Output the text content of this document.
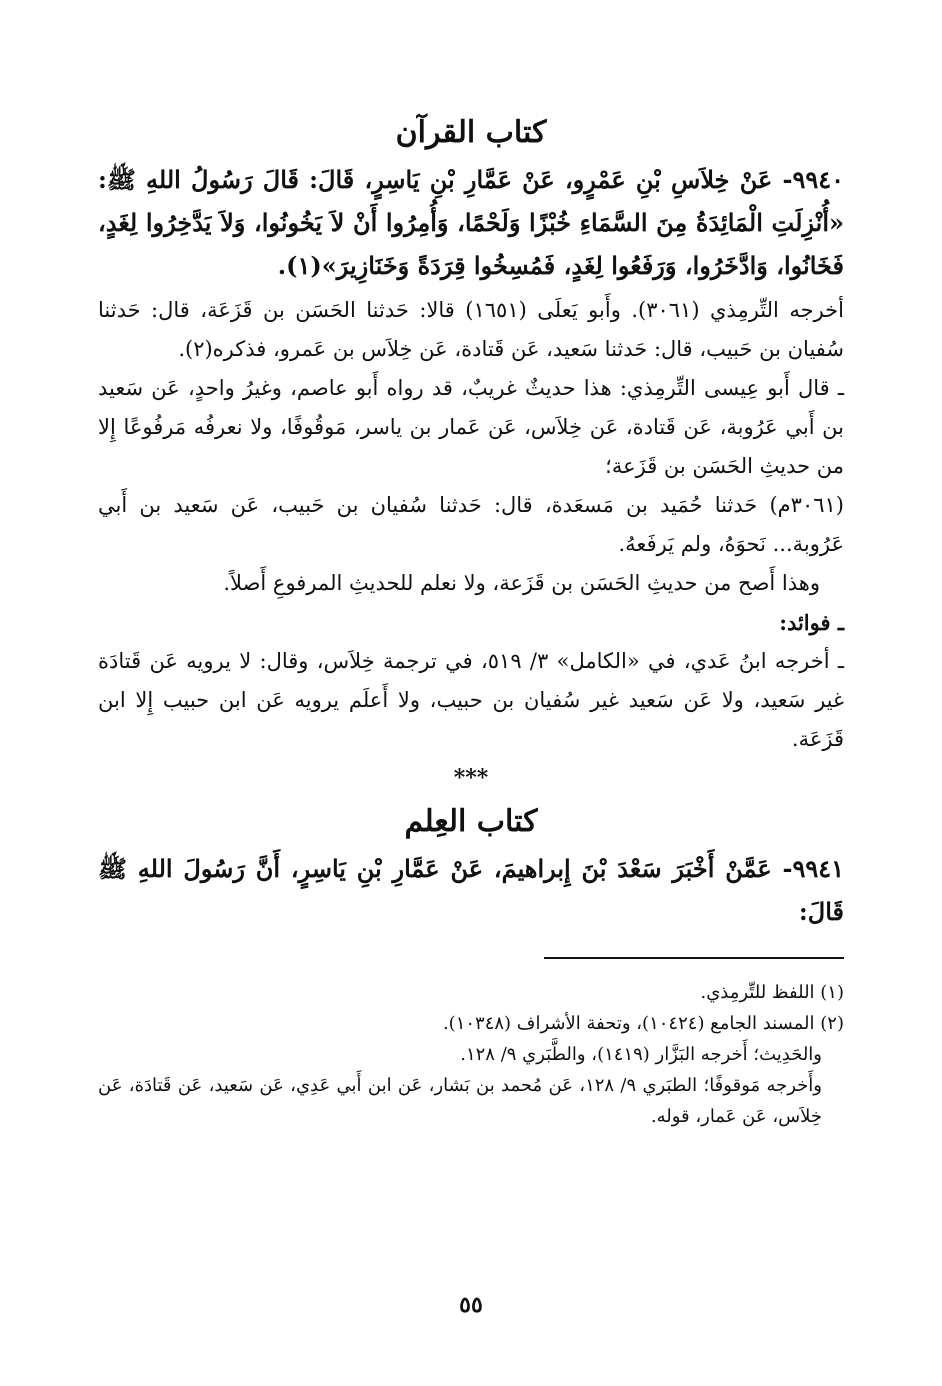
كتاب القرآن

٩٩٤٠- عَنْ خِلاَسِ بْنِ عَمْرٍو، عَنْ عَمَّارِ بْنِ يَاسِرٍ، قَالَ: قَالَ رَسُولُ اللهِ ﷺ: «أُنْزِلَتِ الْمَائِدَةُ مِنَ السَّمَاءِ خُبْزًا وَلَحْمًا، وَأُمِرُوا أَنْ لاَ يَخُونُوا، وَلاَ يَدَّخِرُوا لِغَدٍ، فَخَانُوا، وَادَّخَرُوا، وَرَفَعُوا لِغَدٍ، فَمُسِخُوا قِرَدَةً وَخَنَازِيرَ»(١).

أخرجه التِّرمِذي (٣٠٦١). وأَبو يَعلَى (١٦٥١) قالا: حَدثنا الحَسَن بن قَزَعَة، قال: حَدثنا سُفيان بن حَبيب، قال: حَدثنا سَعيد، عَن قَتادة، عَن خِلاَس بن عَمرو، فذكره(٢).

ـ قال أَبو عِيسى التِّرمِذي: هذا حديثٌ غريبٌ، قد رواه أَبو عاصم، وغيرُ واحدٍ، عَن سَعيد بن أَبي عَرُوبة، عَن قَتادة، عَن خِلاَس، عَن عَمار بن ياسر، مَوقُوفًا، ولا نعرفُه مَرفُوعًا إِلا من حديثِ الحَسَن بن قَزَعة؛

(٣٠٦١م) حَدثنا حُمَيد بن مَسعَدة، قال: حَدثنا سُفيان بن حَبيب، عَن سَعيد بن أَبي عَرُوبة... نَحوَهُ، ولم يَرفَعهُ.

وهذا أَصح من حديثِ الحَسَن بن قَزَعة، ولا نعلم للحديثِ المرفوعِ أَصلاً.

ـ فوائد:

ـ أخرجه ابنُ عَدي، في «الكامل» ٣/ ٥١٩، في ترجمة خِلاَس، وقال: لا يرويه عَن قَتادَة غير سَعيد، ولا عَن سَعيد غير سُفيان بن حبيب، ولا أَعلَم يرويه عَن ابن حبيب إِلا ابن قَزَعَة.

***

كتاب العِلم

٩٩٤١- عَمَّنْ أَخْبَرَ سَعْدَ بْنَ إِبراهيمَ، عَنْ عَمَّارِ بْنِ يَاسِرٍ، أَنَّ رَسُولَ اللهِ ﷺ قَالَ:

(١) اللفظ للتِّرمِذي.

(٢) المسند الجامع (١٠٤٢٤)، وتحفة الأشراف (١٠٣٤٨).

والحَدِيث؛ أَخرجه البَزَّار (١٤١٩)، والطَّبَري ٩/ ١٢٨.

وأَخرجه مَوقوفًا؛ الطبَري ٩/ ١٢٨، عَن مُحمد بن بَشار، عَن ابن أَبي عَدِي، عَن سَعيد، عَن قَتادَة، عَن خِلاَس، عَن عَمار، قوله.

٥٥
